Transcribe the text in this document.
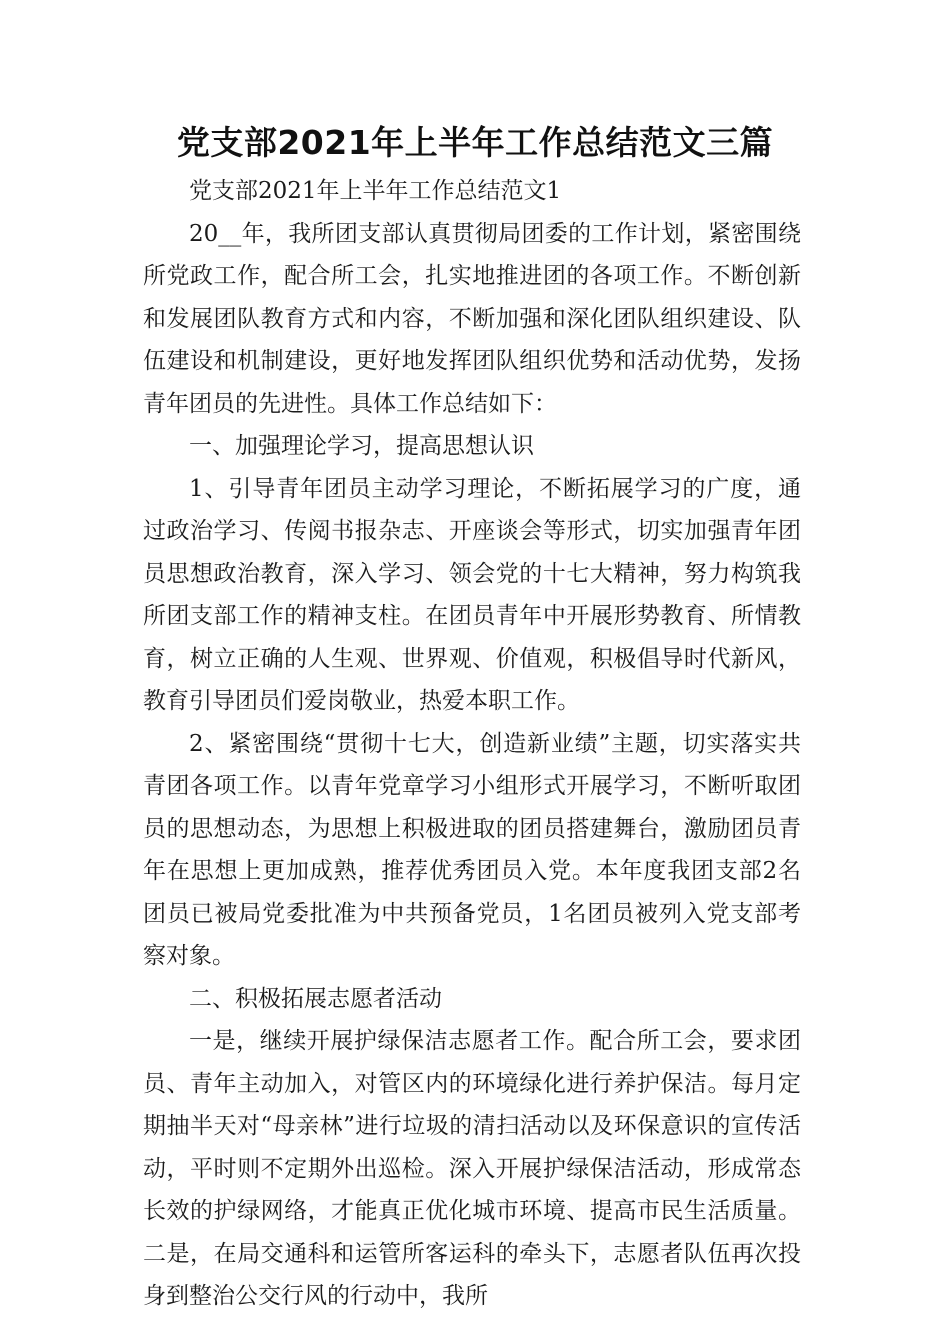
党支部2021年上半年工作总结范文三篇

党支部2021年上半年工作总结范文1

20__年，我所团支部认真贯彻局团委的工作计划，紧密围绕所党政工作，配合所工会，扎实地推进团的各项工作。不断创新和发展团队教育方式和内容，不断加强和深化团队组织建设、队伍建设和机制建设，更好地发挥团队组织优势和活动优势，发扬青年团员的先进性。具体工作总结如下：

一、加强理论学习，提高思想认识

1、引导青年团员主动学习理论，不断拓展学习的广度，通过政治学习、传阅书报杂志、开座谈会等形式，切实加强青年团员思想政治教育，深入学习、领会党的十七大精神，努力构筑我所团支部工作的精神支柱。在团员青年中开展形势教育、所情教育，树立正确的人生观、世界观、价值观，积极倡导时代新风，教育引导团员们爱岗敬业，热爱本职工作。

2、紧密围绕“贯彻十七大，创造新业绩”主题，切实落实共青团各项工作。以青年党章学习小组形式开展学习，不断听取团员的思想动态，为思想上积极进取的团员搭建舞台，激励团员青年在思想上更加成熟，推荐优秀团员入党。本年度我团支部2名团员已被局党委批准为中共预备党员，1名团员被列入党支部考察对象。

二、积极拓展志愿者活动

一是，继续开展护绿保洁志愿者工作。配合所工会，要求团员、青年主动加入，对管区内的环境绿化进行养护保洁。每月定期抽半天对“母亲林”进行垃圾的清扫活动以及环保意识的宣传活动，平时则不定期外出巡检。深入开展护绿保洁活动，形成常态长效的护绿网络，才能真正优化城市环境、提高市民生活质量。二是，在局交通科和运管所客运科的牵头下，志愿者队伍再次投身到整治公交行风的行动中，我所
